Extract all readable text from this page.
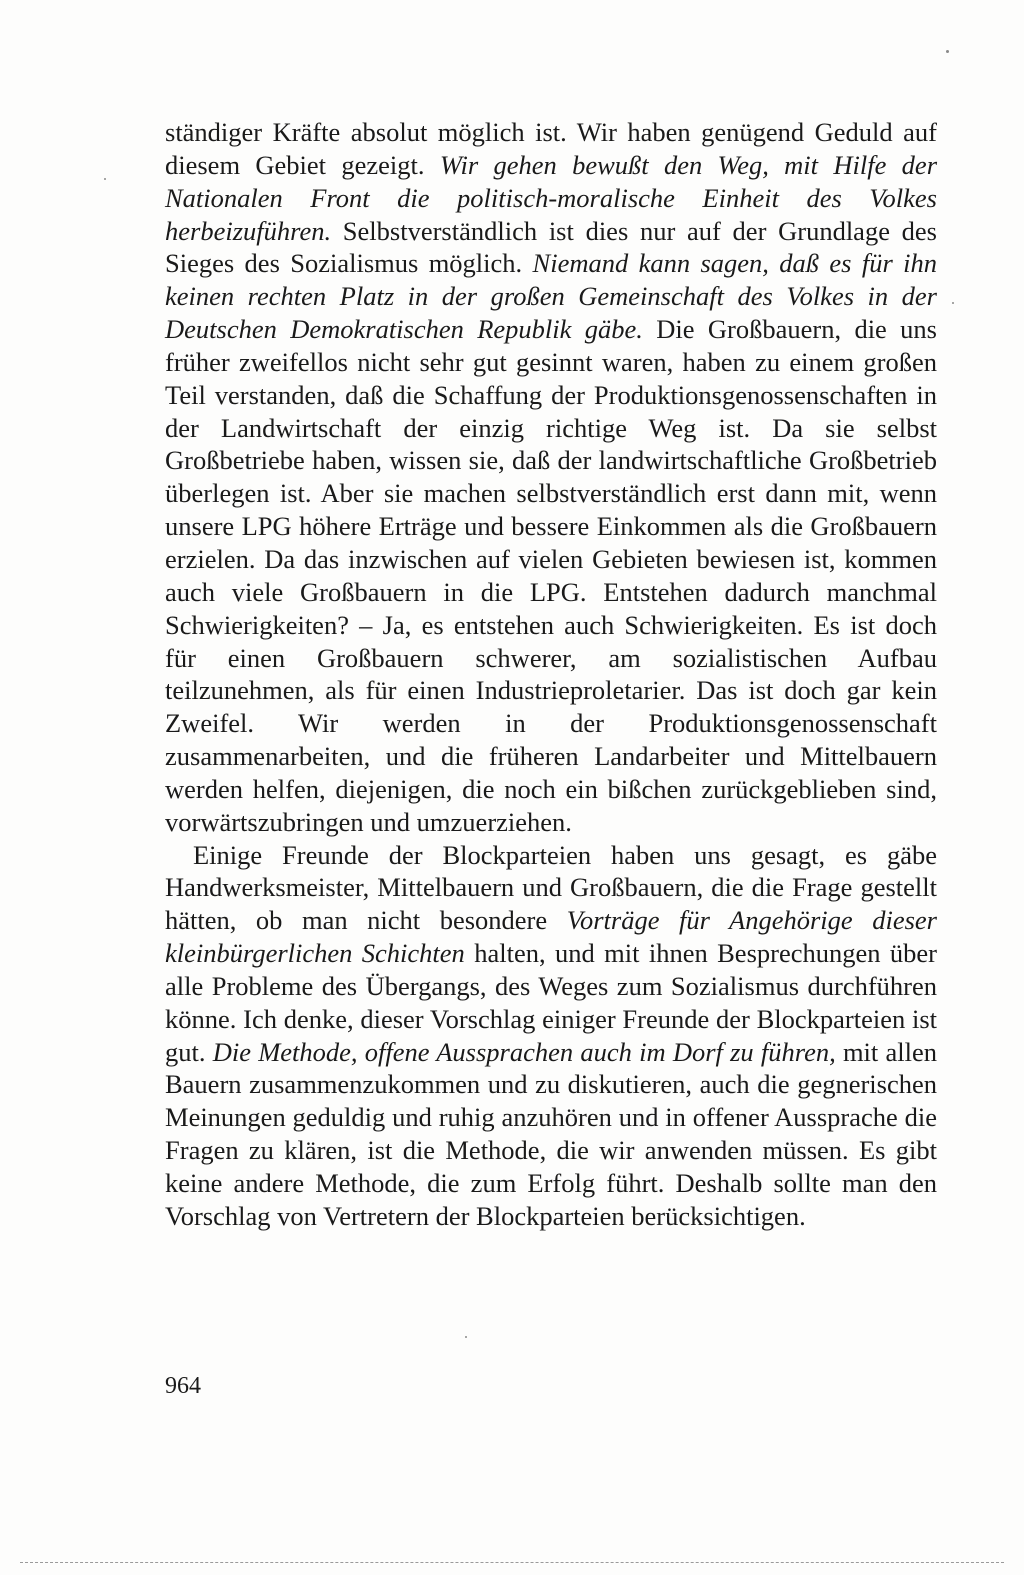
ständiger Kräfte absolut möglich ist. Wir haben genügend Geduld auf diesem Gebiet gezeigt. Wir gehen bewußt den Weg, mit Hilfe der Nationalen Front die politisch-moralische Einheit des Volkes herbeizuführen. Selbstverständlich ist dies nur auf der Grundlage des Sieges des Sozialismus möglich. Niemand kann sagen, daß es für ihn keinen rechten Platz in der großen Gemeinschaft des Volkes in der Deutschen Demokratischen Republik gäbe. Die Großbauern, die uns früher zweifellos nicht sehr gut gesinnt waren, haben zu einem großen Teil verstanden, daß die Schaffung der Produktionsgenossenschaften in der Landwirtschaft der einzig richtige Weg ist. Da sie selbst Großbetriebe haben, wissen sie, daß der landwirtschaftliche Großbetrieb überlegen ist. Aber sie machen selbstverständlich erst dann mit, wenn unsere LPG höhere Erträge und bessere Einkommen als die Großbauern erzielen. Da das inzwischen auf vielen Gebieten bewiesen ist, kommen auch viele Großbauern in die LPG. Entstehen dadurch manchmal Schwierigkeiten? – Ja, es entstehen auch Schwierigkeiten. Es ist doch für einen Großbauern schwerer, am sozialistischen Aufbau teilzunehmen, als für einen Industrieproletarier. Das ist doch gar kein Zweifel. Wir werden in der Produktionsgenossenschaft zusammenarbeiten, und die früheren Landarbeiter und Mittelbauern werden helfen, diejenigen, die noch ein bißchen zurückgeblieben sind, vorwärtszubringen und umzuerziehen.

Einige Freunde der Blockparteien haben uns gesagt, es gäbe Handwerksmeister, Mittelbauern und Großbauern, die die Frage gestellt hätten, ob man nicht besondere Vorträge für Angehörige dieser kleinbürgerlichen Schichten halten, und mit ihnen Besprechungen über alle Probleme des Übergangs, des Weges zum Sozialismus durchführen könne. Ich denke, dieser Vorschlag einiger Freunde der Blockparteien ist gut. Die Methode, offene Aussprachen auch im Dorf zu führen, mit allen Bauern zusammenzukommen und zu diskutieren, auch die gegnerischen Meinungen geduldig und ruhig anzuhören und in offener Aussprache die Fragen zu klären, ist die Methode, die wir anwenden müssen. Es gibt keine andere Methode, die zum Erfolg führt. Deshalb sollte man den Vorschlag von Vertretern der Blockparteien berücksichtigen.

964
